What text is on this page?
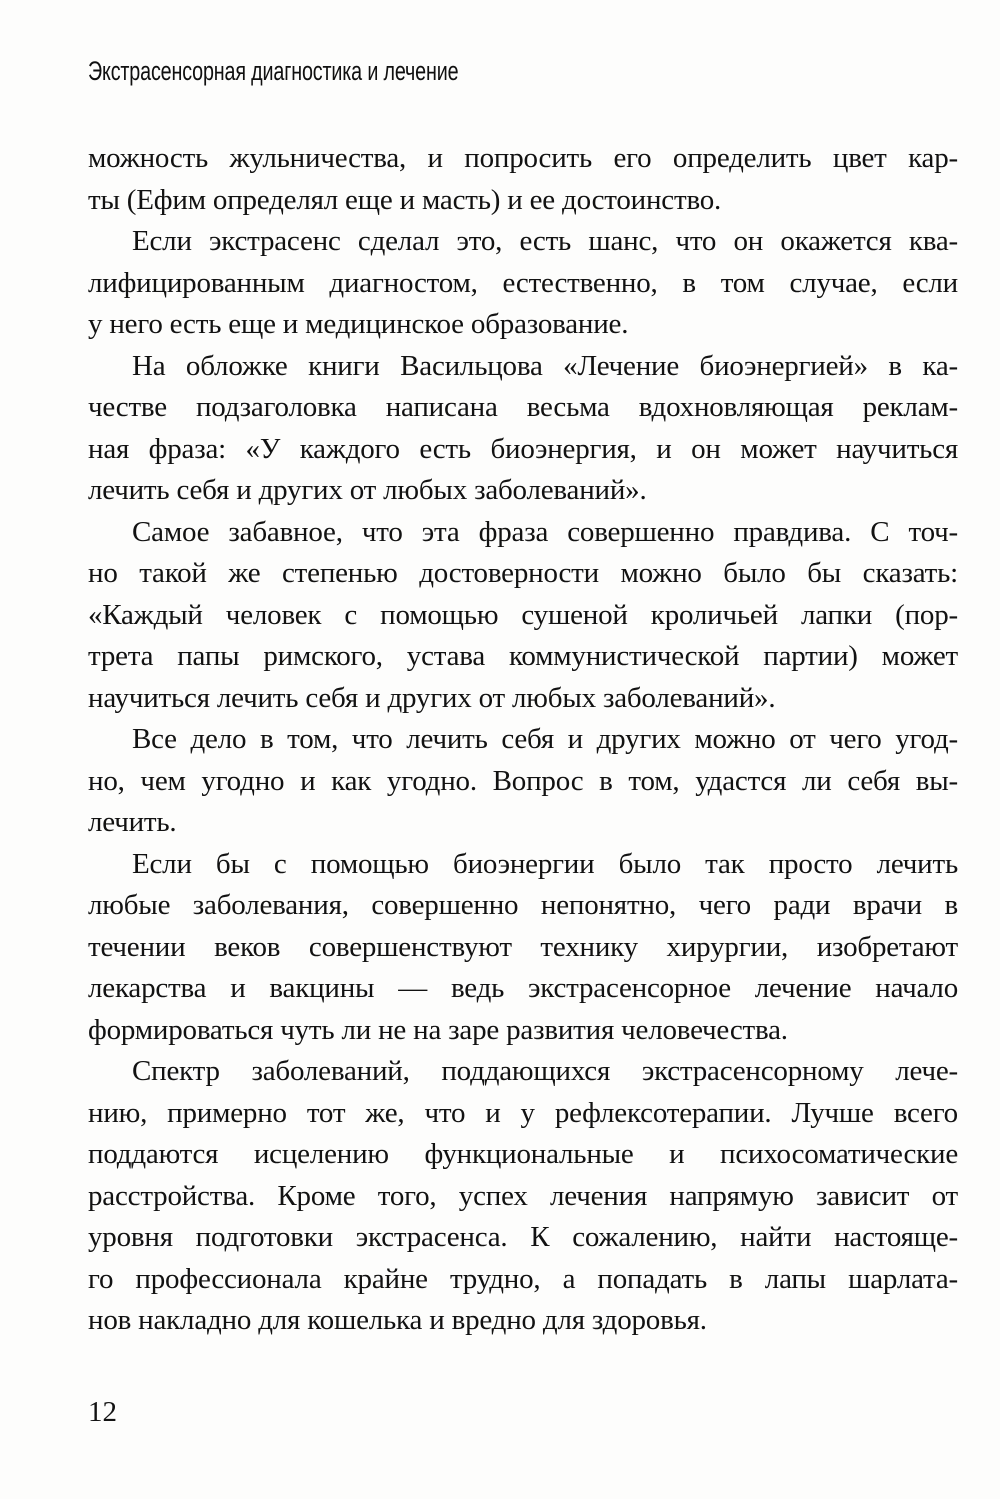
Экстрасенсорная диагностика и лечение
можность жульничества, и попросить его определить цвет кар-
ты (Ефим определял еще и масть) и ее достоинство.
Если экстрасенс сделал это, есть шанс, что он окажется ква-
лифицированным диагностом, естественно, в том случае, если
у него есть еще и медицинское образование.
На обложке книги Васильцова «Лечение биоэнергией» в ка-
честве подзаголовка написана весьма вдохновляющая реклам-
ная фраза: «У каждого есть биоэнергия, и он может научиться
лечить себя и других от любых заболеваний».
Самое забавное, что эта фраза совершенно правдива. С точ-
но такой же степенью достоверности можно было бы сказать:
«Каждый человек с помощью сушеной кроличьей лапки (пор-
трета папы римского, устава коммунистической партии) может
научиться лечить себя и других от любых заболеваний».
Все дело в том, что лечить себя и других можно от чего угод-
но, чем угодно и как угодно. Вопрос в том, удастся ли себя вы-
лечить.
Если бы с помощью биоэнергии было так просто лечить
любые заболевания, совершенно непонятно, чего ради врачи в
течении веков совершенствуют технику хирургии, изобретают
лекарства и вакцины — ведь экстрасенсорное лечение начало
формироваться чуть ли не на заре развития человечества.
Спектр заболеваний, поддающихся экстрасенсорному лече-
нию, примерно тот же, что и у рефлексотерапии. Лучше всего
поддаются исцелению функциональные и психосоматические
расстройства. Кроме того, успех лечения напрямую зависит от
уровня подготовки экстрасенса. К сожалению, найти настояще-
го профессионала крайне трудно, а попадать в лапы шарлата-
нов накладно для кошелька и вредно для здоровья.
12
